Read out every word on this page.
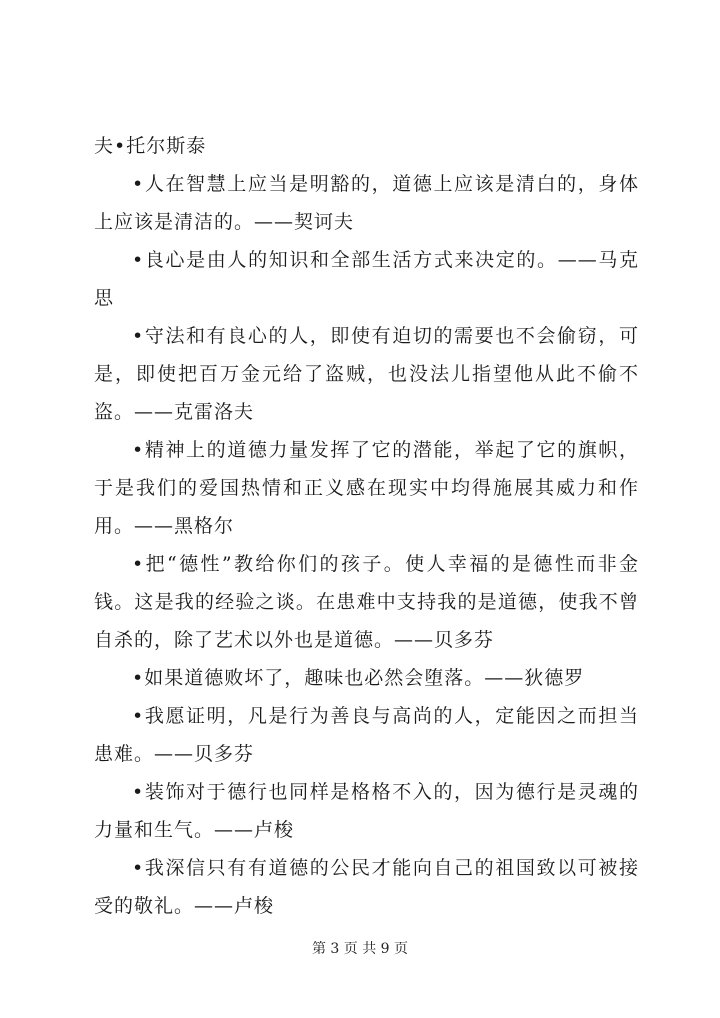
夫•托尔斯泰

•人在智慧上应当是明豁的，道德上应该是清白的，身体上应该是清洁的。——契诃夫

•良心是由人的知识和全部生活方式来决定的。——马克思

•守法和有良心的人，即使有迫切的需要也不会偷窃，可是，即使把百万金元给了盗贼，也没法儿指望他从此不偷不盗。——克雷洛夫

•精神上的道德力量发挥了它的潜能，举起了它的旗帜，于是我们的爱国热情和正义感在现实中均得施展其威力和作用。——黑格尔

•把“德性”教给你们的孩子。使人幸福的是德性而非金钱。这是我的经验之谈。在患难中支持我的是道德，使我不曾自杀的，除了艺术以外也是道德。——贝多芬

•如果道德败坏了，趣味也必然会堕落。——狄德罗

•我愿证明，凡是行为善良与高尚的人，定能因之而担当患难。——贝多芬

•装饰对于德行也同样是格格不入的，因为德行是灵魂的力量和生气。——卢梭

•我深信只有有道德的公民才能向自己的祖国致以可被接受的敬礼。——卢梭

第 3 页 共 9 页
